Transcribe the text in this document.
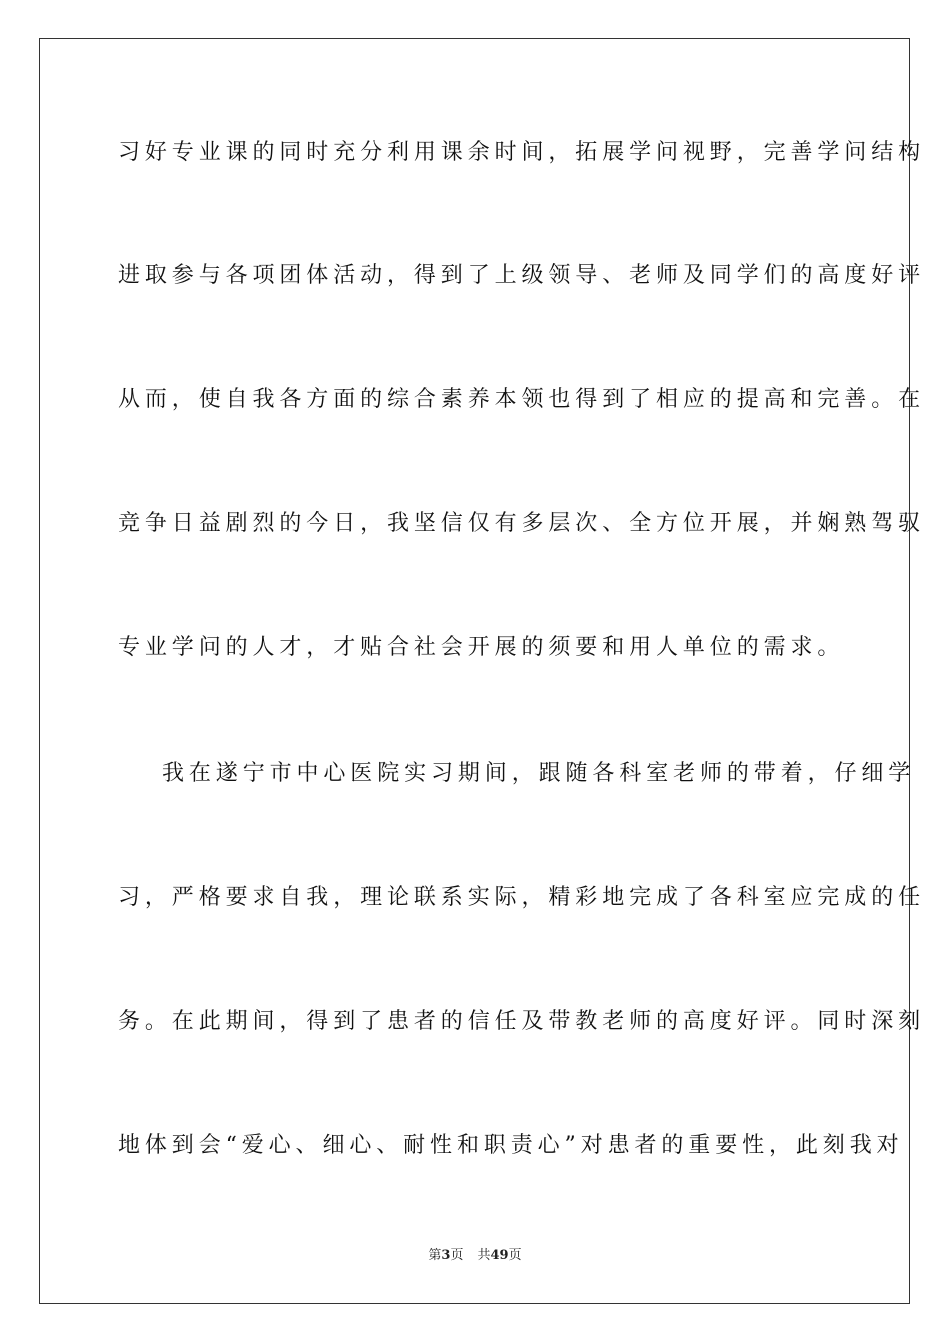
习好专业课的同时充分利用课余时间，拓展学问视野，完善学问结构
进取参与各项团体活动，得到了上级领导、老师及同学们的高度好评
从而，使自我各方面的综合素养本领也得到了相应的提高和完善。在
竞争日益剧烈的今日，我坚信仅有多层次、全方位开展，并娴熟驾驭
专业学问的人才，才贴合社会开展的须要和用人单位的需求。
我在遂宁市中心医院实习期间，跟随各科室老师的带着，仔细学
习，严格要求自我，理论联系实际，精彩地完成了各科室应完成的任
务。在此期间，得到了患者的信任及带教老师的高度好评。同时深刻
地体到会“爱心、细心、耐性和职责心”对患者的重要性，此刻我对
第3页 共49页
